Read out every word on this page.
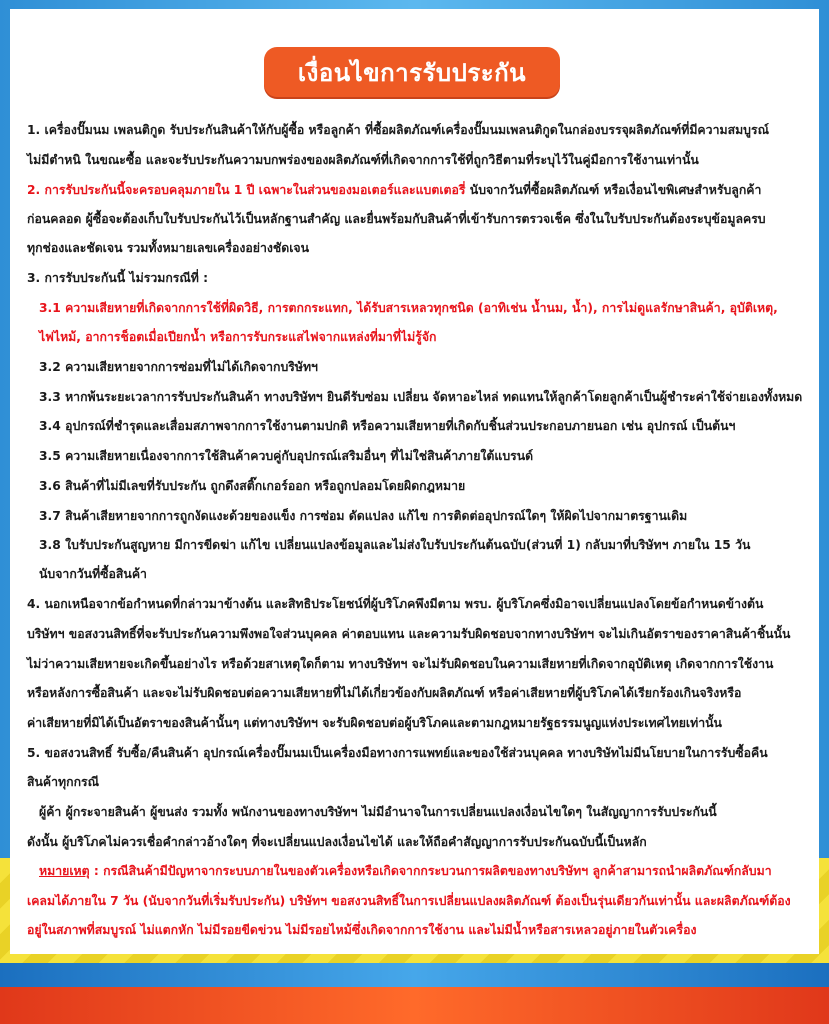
เงื่อนไขการรับประกัน
1. เครื่องปั๊มนม เพลนติกูด รับประกันสินค้าให้กับผู้ซื้อ หรือลูกค้า ที่ซื้อผลิตภัณฑ์เครื่องปั๊มนมเพลนติกูดในกล่องบรรจุผลิตภัณฑ์ที่มีความสมบูรณ์
ไม่มีตำหนิ ในขณะซื้อ และจะรับประกันความบกพร่องของผลิตภัณฑ์ที่เกิดจากการใช้ที่ถูกวิธีตามที่ระบุไว้ในคู่มือการใช้งานเท่านั้น
2. การรับประกันนี้จะครอบคลุมภายใน 1 ปี เฉพาะในส่วนของมอเตอร์และแบตเตอรี่ นับจากวันที่ซื้อผลิตภัณฑ์ หรือเงื่อนไขพิเศษสำหรับลูกค้า
ก่อนคลอด ผู้ซื้อจะต้องเก็บใบรับประกันไว้เป็นหลักฐานสำคัญ และยื่นพร้อมกับสินค้าที่เข้ารับการตรวจเช็ค ซึ่งในใบรับประกันต้องระบุข้อมูลครบ
ทุกช่องและชัดเจน รวมทั้งหมายเลขเครื่องอย่างชัดเจน
3. การรับประกันนี้ ไม่รวมกรณีที่ :
3.1 ความเสียหายที่เกิดจากการใช้ที่ผิดวิธี, การตกกระแทก, ได้รับสารเหลวทุกชนิด (อาทิเช่น น้ำนม, น้ำ), การไม่ดูแลรักษาสินค้า, อุบัติเหตุ,
ไฟไหม้, อาการช็อตเมื่อเปียกน้ำ หรือการรับกระแสไฟจากแหล่งที่มาที่ไม่รู้จัก
3.2 ความเสียหายจากการซ่อมที่ไม่ได้เกิดจากบริษัทฯ
3.3 หากพ้นระยะเวลาการรับประกันสินค้า ทางบริษัทฯ ยินดีรับซ่อม เปลี่ยน จัดหาอะไหล่ ทดแทนให้ลูกค้าโดยลูกค้าเป็นผู้ชำระค่าใช้จ่ายเองทั้งหมด
3.4 อุปกรณ์ที่ชำรุดและเสื่อมสภาพจากการใช้งานตามปกติ หรือความเสียหายที่เกิดกับชิ้นส่วนประกอบภายนอก เช่น อุปกรณ์ เป็นต้นฯ
3.5 ความเสียหายเนื่องจากการใช้สินค้าควบคู่กับอุปกรณ์เสริมอื่นๆ ที่ไม่ใช่สินค้าภายใต้แบรนด์
3.6 สินค้าที่ไม่มีเลขที่รับประกัน ถูกดึงสติ๊กเกอร์ออก หรือถูกปลอมโดยผิดกฎหมาย
3.7 สินค้าเสียหายจากการถูกงัดแงะด้วยของแข็ง การซ่อม ดัดแปลง แก้ไข การติดต่ออุปกรณ์ใดๆ ให้ผิดไปจากมาตรฐานเดิม
3.8 ใบรับประกันสูญหาย มีการขีดฆ่า แก้ไข เปลี่ยนแปลงข้อมูลและไม่ส่งใบรับประกันต้นฉบับ(ส่วนที่ 1) กลับมาที่บริษัทฯ ภายใน 15 วัน
นับจากวันที่ซื้อสินค้า
4. นอกเหนือจากข้อกำหนดที่กล่าวมาข้างต้น และสิทธิประโยชน์ที่ผู้บริโภคพึงมีตาม พรบ. ผู้บริโภคซึ่งมิอาจเปลี่ยนแปลงโดยข้อกำหนดข้างต้น
บริษัทฯ ขอสงวนสิทธิ์ที่จะรับประกันความพึงพอใจส่วนบุคคล ค่าตอบแทน และความรับผิดชอบจากทางบริษัทฯ จะไม่เกินอัตราของราคาสินค้าชิ้นนั้น
ไม่ว่าความเสียหายจะเกิดขึ้นอย่างไร หรือด้วยสาเหตุใดก็ตาม ทางบริษัทฯ จะไม่รับผิดชอบในความเสียหายที่เกิดจากอุบัติเหตุ เกิดจากการใช้งาน
หรือหลังการซื้อสินค้า และจะไม่รับผิดชอบต่อความเสียหายที่ไม่ได้เกี่ยวข้องกับผลิตภัณฑ์ หรือค่าเสียหายที่ผู้บริโภคได้เรียกร้องเกินจริงหรือ
ค่าเสียหายที่มิได้เป็นอัตราของสินค้านั้นๆ แต่ทางบริษัทฯ จะรับผิดชอบต่อผู้บริโภคและตามกฎหมายรัฐธรรมนูญแห่งประเทศไทยเท่านั้น
5. ขอสงวนสิทธิ์ รับซื้อ/คืนสินค้า อุปกรณ์เครื่องปั๊มนมเป็นเครื่องมือทางการแพทย์และของใช้ส่วนบุคคล ทางบริษัทไม่มีนโยบายในการรับซื้อคืน
สินค้าทุกกรณี
ผู้ค้า ผู้กระจายสินค้า ผู้ขนส่ง รวมทั้ง พนักงานของทางบริษัทฯ ไม่มีอำนาจในการเปลี่ยนแปลงเงื่อนไขใดๆ ในสัญญาการรับประกันนี้
ดังนั้น ผู้บริโภคไม่ควรเชื่อคำกล่าวอ้างใดๆ ที่จะเปลี่ยนแปลงเงื่อนไขได้ และให้ถือคำสัญญาการรับประกันฉบับนี้เป็นหลัก
หมายเหตุ : กรณีสินค้ามีปัญหาจากระบบภายในของตัวเครื่องหรือเกิดจากกระบวนการผลิตของทางบริษัทฯ ลูกค้าสามารถนำผลิตภัณฑ์กลับมา
เคลมได้ภายใน 7 วัน (นับจากวันที่เริ่มรับประกัน) บริษัทฯ ขอสงวนสิทธิ์ในการเปลี่ยนแปลงผลิตภัณฑ์ ต้องเป็นรุ่นเดียวกันเท่านั้น และผลิตภัณฑ์ต้อง
อยู่ในสภาพที่สมบูรณ์ ไม่แตกหัก ไม่มีรอยขีดข่วน ไม่มีรอยไหม้ซึ่งเกิดจากการใช้งาน และไม่มีน้ำหรือสารเหลวอยู่ภายในตัวเครื่อง
